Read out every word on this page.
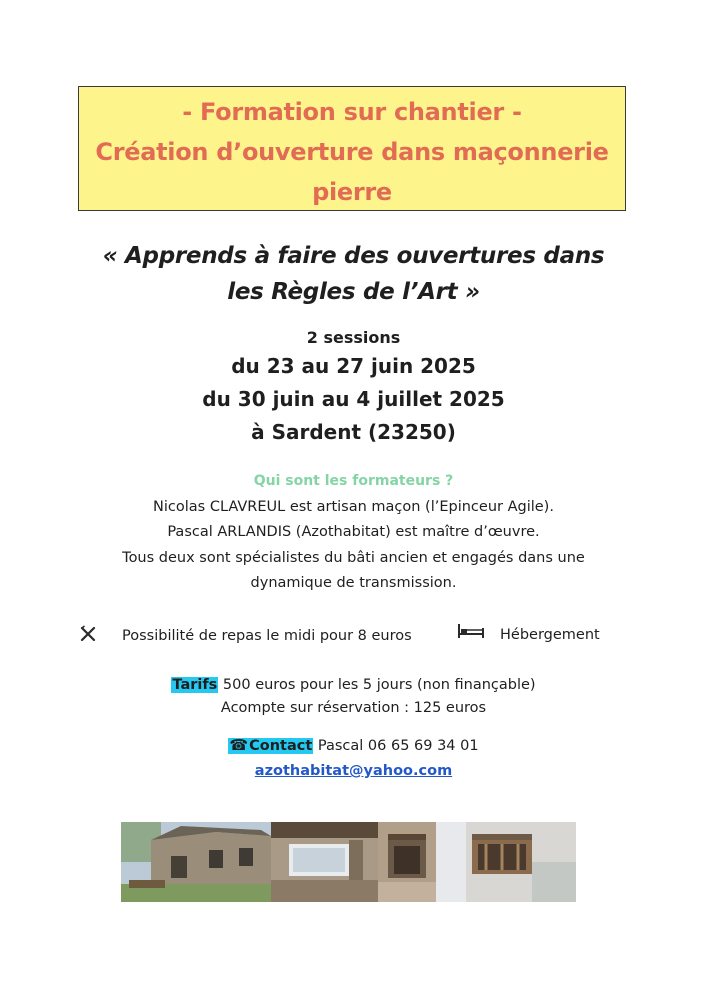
- Formation sur chantier -
Création d’ouverture dans maçonnerie
pierre
« Apprends à faire des ouvertures dans
les Règles de l’Art »
2 sessions
du 23 au 27 juin 2025
du 30 juin au 4 juillet 2025
à Sardent (23250)
Qui sont les formateurs ?
Nicolas CLAVREUL est artisan maçon (l’Epinceur Agile).
Pascal ARLANDIS (Azothabitat) est maître d’œuvre.
Tous deux sont spécialistes du bâti ancien et engagés dans une
dynamique de transmission.
Possibilité de repas le midi pour 8 euros	Hébergement
Tarifs 500 euros pour les 5 jours (non finançable)
Acompte sur réservation : 125 euros
☎Contact Pascal 06 65 69 34 01
azothabitat@yahoo.com
